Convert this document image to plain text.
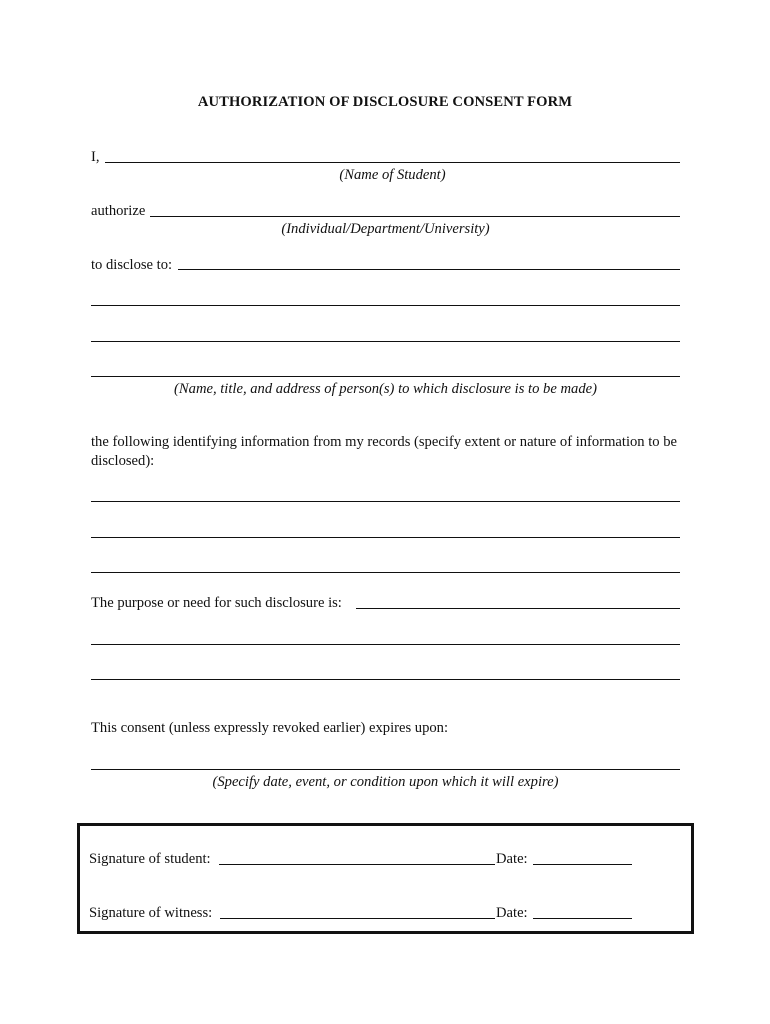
AUTHORIZATION OF DISCLOSURE CONSENT FORM
I,
(Name of Student)
authorize
(Individual/Department/University)
to disclose to:
(Name, title, and address of person(s) to which disclosure is to be made)
the following identifying information from my records (specify extent or nature of information to be disclosed):
The purpose or need for such disclosure is:
This consent (unless expressly revoked earlier) expires upon:
(Specify date, event, or condition upon which it will expire)
Signature of student:	Date:
Signature of witness:	Date:
